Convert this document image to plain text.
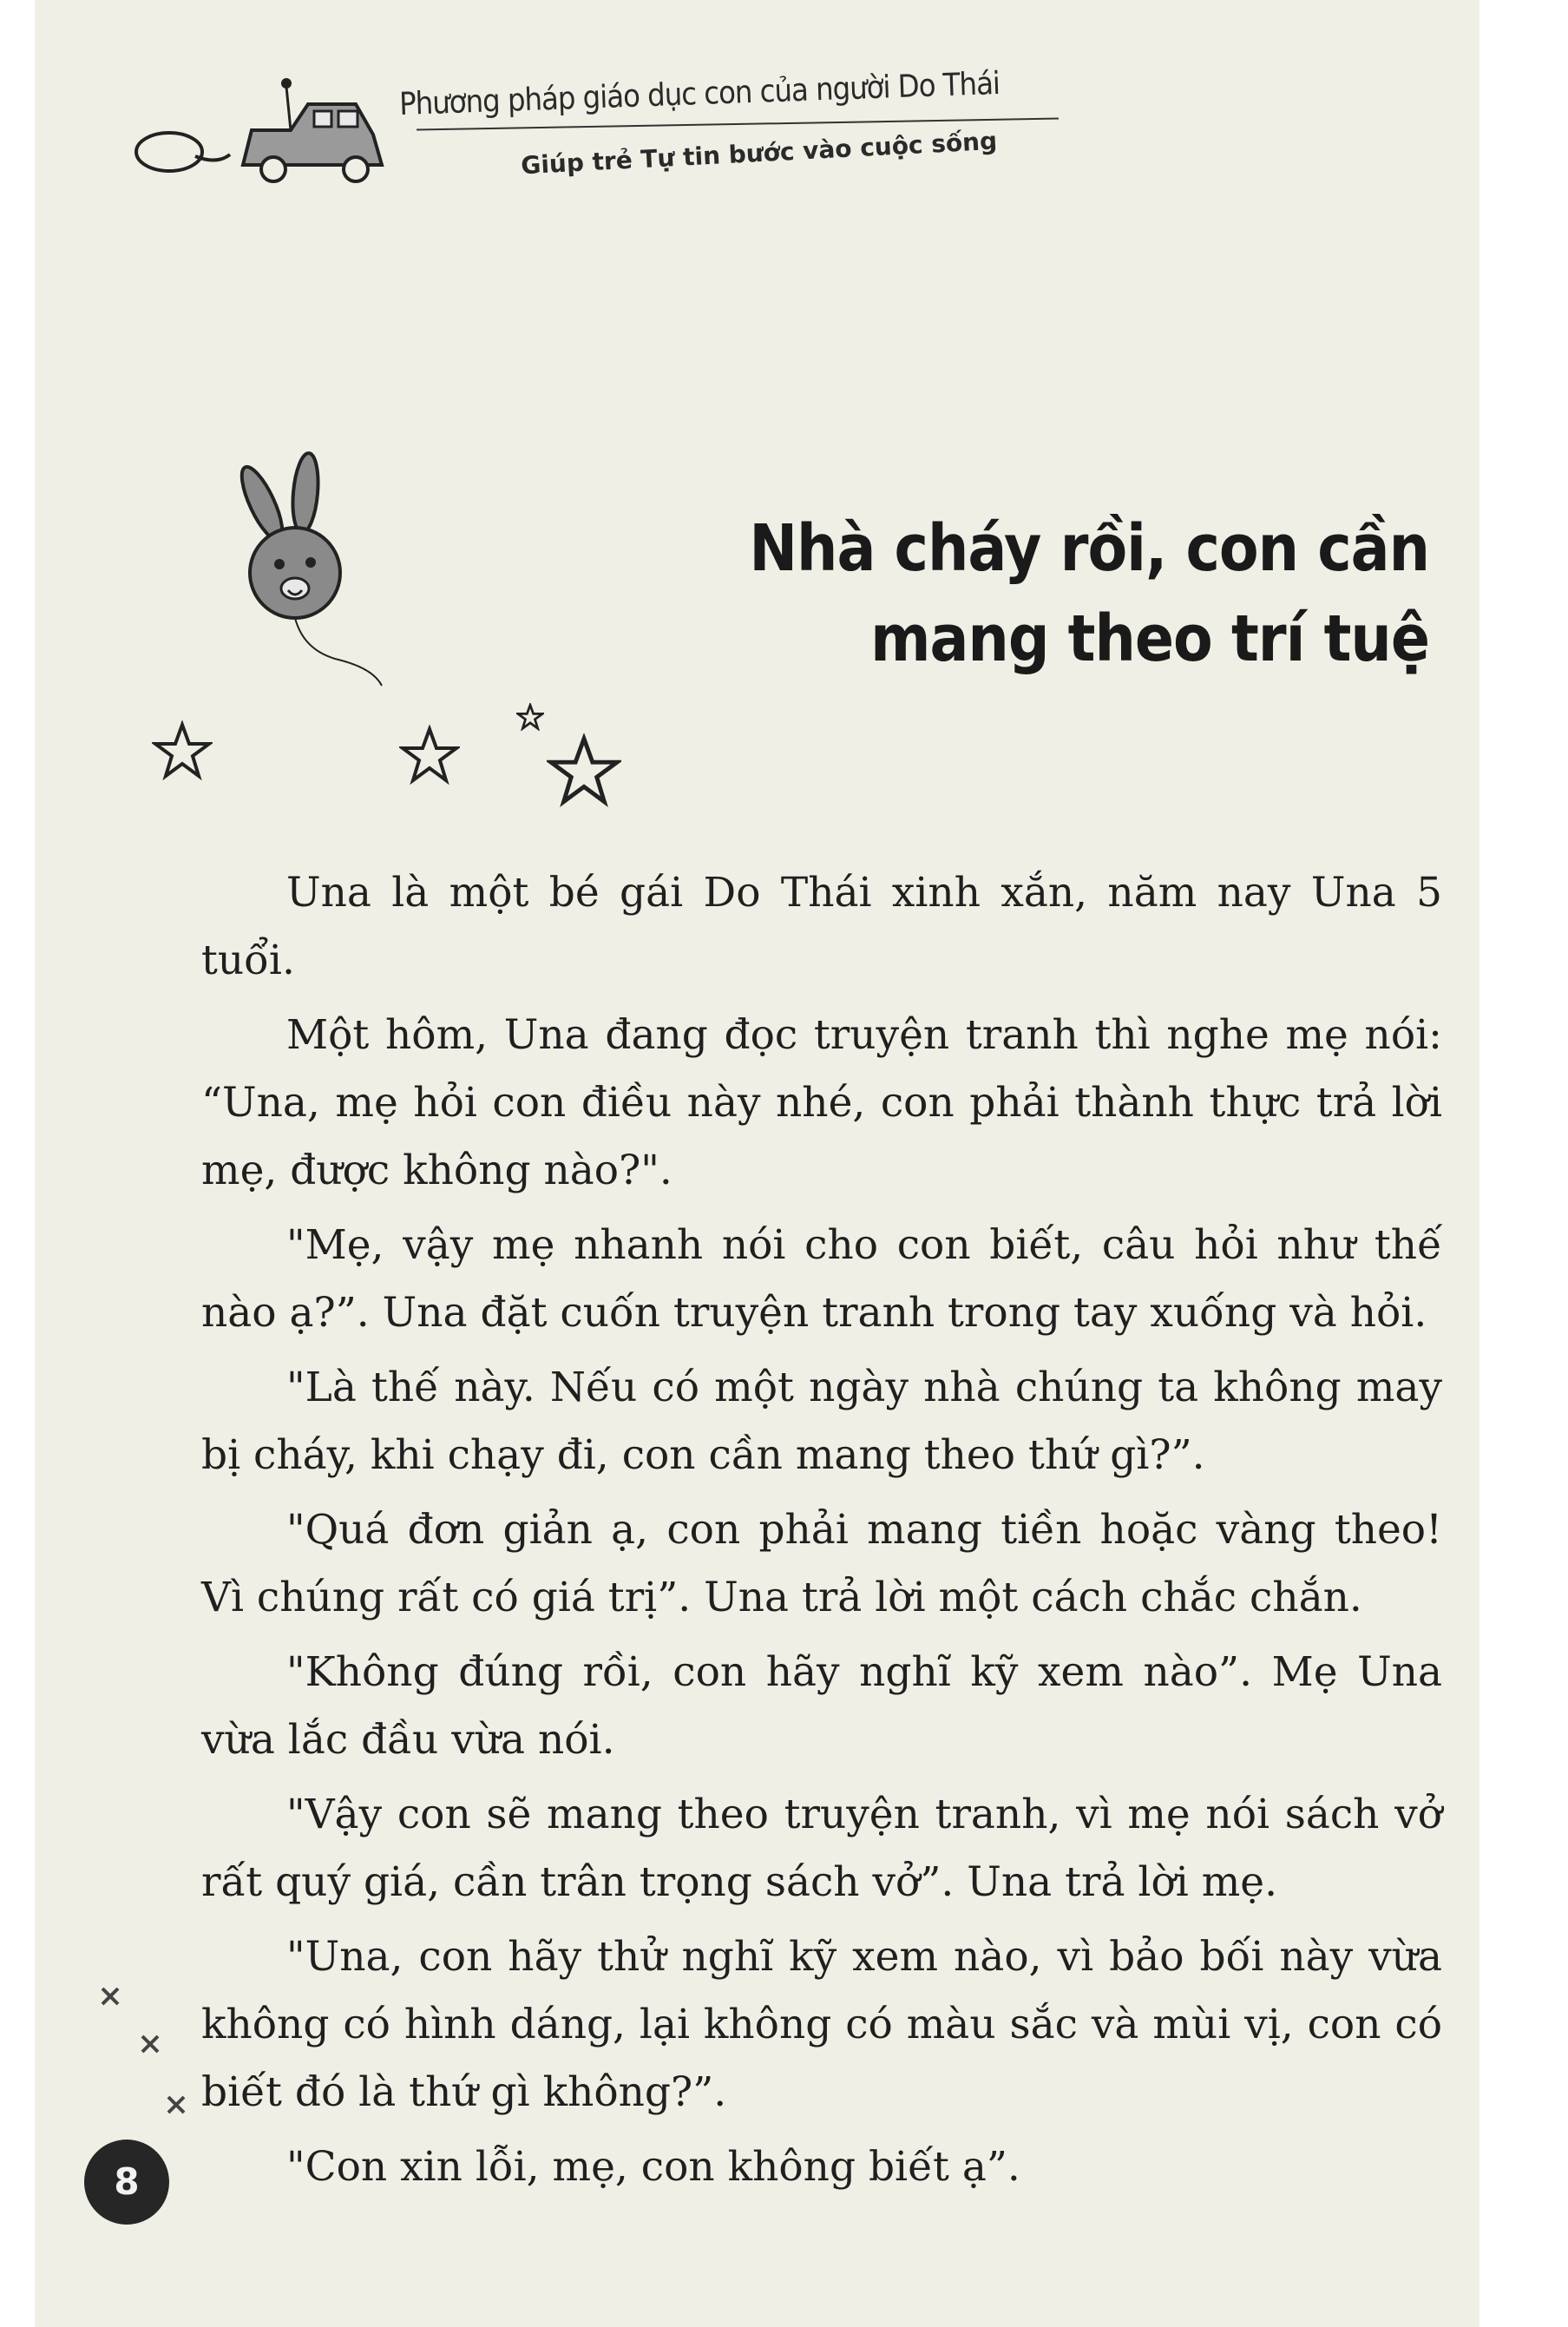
Phương pháp giáo dục con của người Do Thái
Giúp trẻ Tự tin bước vào cuộc sống
Nhà cháy rồi, con cần
mang theo trí tuệ

Una là một bé gái Do Thái xinh xắn, năm nay Una 5 tuổi.

Một hôm, Una đang đọc truyện tranh thì nghe mẹ nói: “Una, mẹ hỏi con điều này nhé, con phải thành thực trả lời mẹ, được không nào?".

"Mẹ, vậy mẹ nhanh nói cho con biết, câu hỏi như thế nào ạ?”. Una đặt cuốn truyện tranh trong tay xuống và hỏi.

"Là thế này. Nếu có một ngày nhà chúng ta không may bị cháy, khi chạy đi, con cần mang theo thứ gì?”.

"Quá đơn giản ạ, con phải mang tiền hoặc vàng theo! Vì chúng rất có giá trị”. Una trả lời một cách chắc chắn.

"Không đúng rồi, con hãy nghĩ kỹ xem nào”. Mẹ Una vừa lắc đầu vừa nói.

"Vậy con sẽ mang theo truyện tranh, vì mẹ nói sách vở rất quý giá, cần trân trọng sách vở”. Una trả lời mẹ.

"Una, con hãy thử nghĩ kỹ xem nào, vì bảo bối này vừa không có hình dáng, lại không có màu sắc và mùi vị, con có biết đó là thứ gì không?”.

"Con xin lỗi, mẹ, con không biết ạ”.

8
